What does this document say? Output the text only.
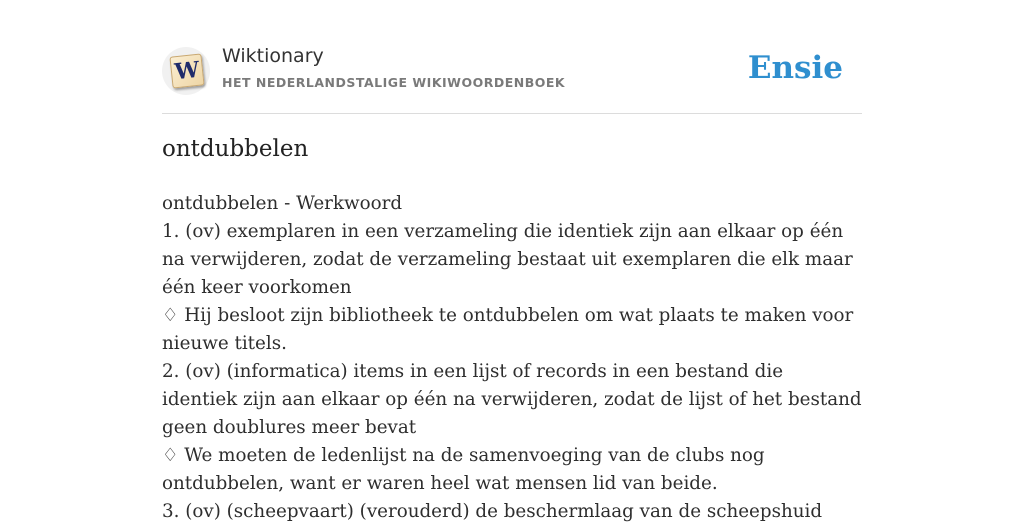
W
Wiktionary
HET NEDERLANDSTALIGE WIKIWOORDENBOEK	Ensie
ontdubbelen
ontdubbelen - Werkwoord
1. (ov) exemplaren in een verzameling die identiek zijn aan elkaar op één na verwijderen, zodat de verzameling bestaat uit exemplaren die elk maar één keer voorkomen
♢ Hij besloot zijn bibliotheek te ontdubbelen om wat plaats te maken voor nieuwe titels.
2. (ov) (informatica) items in een lijst of records in een bestand die identiek zijn aan elkaar op één na verwijderen, zodat de lijst of het bestand geen doublures meer bevat
♢ We moeten de ledenlijst na de samenvoeging van de clubs nog ontdubbelen, want er waren heel wat mensen lid van beide.
3. (ov) (scheepvaart) (verouderd) de beschermlaag van de scheepshuid
